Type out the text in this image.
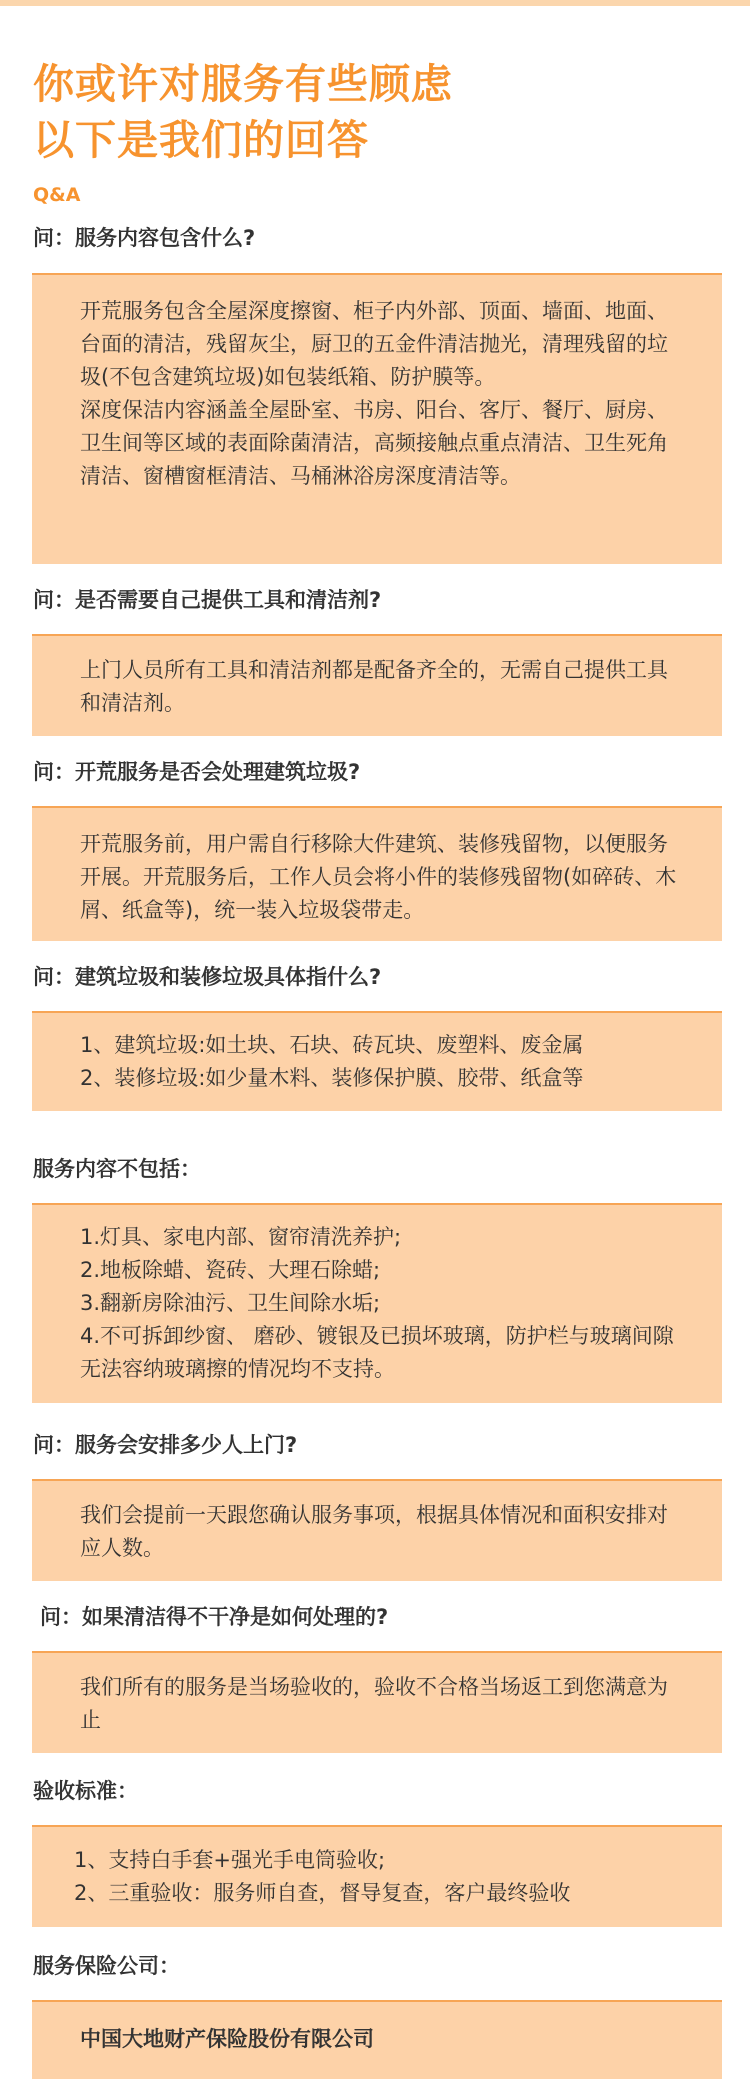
你或许对服务有些顾虑
以下是我们的回答
Q&A
问：服务内容包含什么?

开荒服务包含全屋深度擦窗、柜子内外部、顶面、墙面、地面、台面的清洁，残留灰尘，厨卫的五金件清洁抛光，清理残留的垃圾(不包含建筑垃圾)如包装纸箱、防护膜等。

深度保洁内容涵盖全屋卧室、书房、阳台、客厅、餐厅、厨房、卫生间等区域的表面除菌清洁，高频接触点重点清洁、卫生死角清洁、窗槽窗框清洁、马桶淋浴房深度清洁等。

问：是否需要自己提供工具和清洁剂?

上门人员所有工具和清洁剂都是配备齐全的，无需自己提供工具和清洁剂。

问：开荒服务是否会处理建筑垃圾?

开荒服务前，用户需自行移除大件建筑、装修残留物，以便服务开展。开荒服务后，工作人员会将小件的装修残留物(如碎砖、木屑、纸盒等)，统一装入垃圾袋带走。

问：建筑垃圾和装修垃圾具体指什么?

1、建筑垃圾:如土块、石块、砖瓦块、废塑料、废金属

2、装修垃圾:如少量木料、装修保护膜、胶带、纸盒等

服务内容不包括：

1.灯具、家电内部、窗帘清洗养护;

2.地板除蜡、瓷砖、大理石除蜡;

3.翻新房除油污、卫生间除水垢;

4.不可拆卸纱窗、 磨砂、镀银及已损坏玻璃，防护栏与玻璃间隙无法容纳玻璃擦的情况均不支持。

问：服务会安排多少人上门?

我们会提前一天跟您确认服务事项，根据具体情况和面积安排对应人数。

问：如果清洁得不干净是如何处理的?

我们所有的服务是当场验收的，验收不合格当场返工到您满意为止

验收标准：

1、支持白手套+强光手电筒验收;

2、三重验收：服务师自查，督导复查，客户最终验收

服务保险公司：

中国大地财产保险股份有限公司
